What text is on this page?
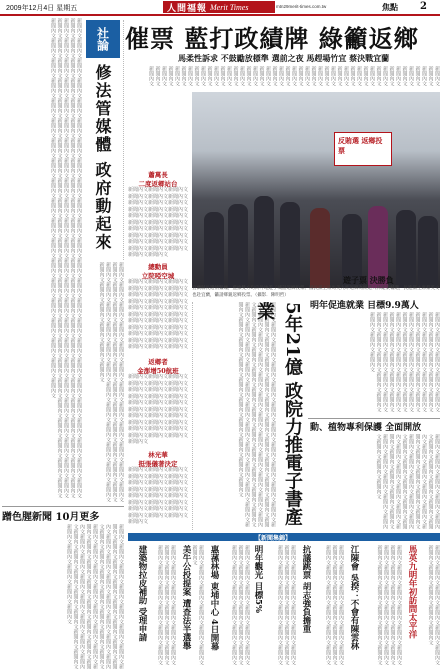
2009年12月4日 星期五	人間福報 Merit Times	mtn29merit-times.com.tw	焦點 2
新聞內文新聞內文新聞內文新聞內文新聞內文新聞內文新聞內文新聞內文新聞內文新聞內文新聞內文新聞內文新聞內文新聞內文新聞內文新聞內文新聞內文新聞內文新聞內文新聞內文新聞內文新聞內文新聞內文新聞內文新聞內文新聞內文新聞內文新聞內文新聞內文新聞內文新聞內文新聞內文新聞內文新聞內文新聞內文新聞內文新聞內文新聞內文新聞內文新聞內文新聞內文新聞內文新聞內文新聞內文新聞內文新聞內文新聞內文新聞內文新聞內文新聞內文新聞內文新聞內文新聞內文新聞內文新聞內文新聞內文新聞內文新聞內文新聞內文新聞內文新聞內文新聞內文新聞內文新聞內文新聞內文新聞內文新聞內文新聞內文新聞內文新聞內文新聞內文新聞內文新聞內文新聞內文新聞內文新聞內文新聞內文新聞內文新聞內文新聞內文新聞內文新聞內文新聞內文新聞內文新聞內文新聞內文新聞內文新聞內文新聞內文新聞內文新聞內文新聞內文新聞內文新聞內文新聞內文新聞內文新聞內文新聞內文新聞內文新聞內文新聞內文新聞內文新聞內文新聞內文新聞內文新聞內文新聞內文新聞內文新聞內文新聞內文新聞內文新聞內文新聞內文新聞內文新聞內文	社論
修法管媒體 政府動起來
新聞內文新聞內文新聞內文新聞內文新聞內文新聞內文新聞內文新聞內文新聞內文新聞內文新聞內文新聞內文新聞內文新聞內文新聞內文新聞內文新聞內文新聞內文新聞內文新聞內文新聞內文新聞內文新聞內文新聞內文新聞內文新聞內文新聞內文新聞內文新聞內文新聞內文新聞內文新聞內文新聞內文新聞內文新聞內文新聞內文新聞內文新聞內文新聞內文新聞內文新聞內文新聞內文
催票 藍打政績牌 綠籲返鄉
馬柔性訴求 不鼓勵放標準 選前之夜 馬趕場竹宜 蔡決戰宜蘭
新聞內文新聞內文新聞內文新聞內文新聞內文新聞內文新聞內文新聞內文新聞內文新聞內文新聞內文新聞內文新聞內文新聞內文新聞內文新聞內文新聞內文新聞內文新聞內文新聞內文新聞內文新聞內文新聞內文新聞內文新聞內文新聞內文新聞內文新聞內文新聞內文新聞內文新聞內文新聞內文新聞內文新聞內文新聞內文新聞內文新聞內文新聞內文新聞內文新聞內文新聞內文新聞內文新聞內文新聞內文新聞內文
蕭萬長
二度返鄉站台
新聞內文新聞內文新聞內文新聞內文新聞內文新聞內文新聞內文新聞內文新聞內文新聞內文新聞內文新聞內文新聞內文新聞內文新聞內文新聞內文新聞內文新聞內文新聞內文新聞內文新聞內文新聞內文新聞內文新聞內文新聞內文新聞內文新聞內文新聞內文新聞內文新聞內文新聞內文新聞內文
總動員
立院啞空城
新聞內文新聞內文新聞內文新聞內文新聞內文新聞內文新聞內文新聞內文新聞內文新聞內文新聞內文新聞內文新聞內文新聞內文新聞內文新聞內文新聞內文新聞內文新聞內文新聞內文新聞內文新聞內文新聞內文新聞內文新聞內文新聞內文新聞內文新聞內文新聞內文新聞內文新聞內文新聞內文新聞內文
返鄉者
金澎增50航班
新聞內文新聞內文新聞內文新聞內文新聞內文新聞內文新聞內文新聞內文新聞內文新聞內文新聞內文新聞內文新聞內文新聞內文新聞內文新聞內文新聞內文新聞內文新聞內文新聞內文新聞內文新聞內文新聞內文新聞內文新聞內文新聞內文新聞內文新聞內文新聞內文新聞內文新聞內文
林光華
挺張儀著決定
新聞內文新聞內文新聞內文新聞內文新聞內文新聞內文新聞內文新聞內文新聞內文新聞內文新聞內文新聞內文新聞內文新聞內文新聞內文新聞內文新聞內文新聞內文新聞內文新聞內文新聞內文新聞內文新聞內文新聞內文新聞內文
反賄選 返鄉投票
遊子票 決勝負
宜蘭縣長選情緊繃，藍綠雙方均向外地遊子喊話返鄉投票。國民黨主席馬英九昨返鄉為候選人林建榮輔選，民進黨主席蔡英文也赴宜蘭，籲請鄉親返鄉投票。（攝影．陳明哲）
新聞內文新聞內文新聞內文新聞內文新聞內文新聞內文新聞內文新聞內文新聞內文新聞內文新聞內文新聞內文新聞內文新聞內文新聞內文新聞內文新聞內文新聞內文新聞內文新聞內文新聞內文新聞內文新聞內文新聞內文新聞內文新聞內文新聞內文新聞內文新聞內文新聞內文新聞內文新聞內文新聞內文新聞內文新聞內文新聞內文新聞內文新聞內文新聞內文新聞內文新聞內文新聞內文新聞內文新聞內文新聞內文新聞內文新聞內文新聞內文新聞內文新聞內文新聞內文新聞內文新聞內文新聞內文新聞內文新聞內文新聞內文新聞內文新聞內文新聞內文新聞內文新聞內文新聞內文新聞內文新聞內文新聞內文	5年21億 政院力推電子書產業	明年促進就業 目標9.9萬人
新聞內文新聞內文新聞內文新聞內文新聞內文新聞內文新聞內文新聞內文新聞內文新聞內文新聞內文新聞內文新聞內文新聞內文新聞內文新聞內文新聞內文新聞內文新聞內文新聞內文新聞內文新聞內文新聞內文新聞內文新聞內文新聞內文新聞內文新聞內文新聞內文新聞內文新聞內文新聞內文新聞內文新聞內文新聞內文新聞內文新聞內文新聞內文新聞內文新聞內文新聞內文新聞內文新聞內文新聞內文新聞內文新聞內文新聞內文新聞內文新聞內文新聞內文新聞內文新聞內文新聞內文
動、植物專利保護 全面開放
新聞內文新聞內文新聞內文新聞內文新聞內文新聞內文新聞內文新聞內文新聞內文新聞內文新聞內文新聞內文新聞內文新聞內文新聞內文新聞內文新聞內文新聞內文新聞內文新聞內文新聞內文新聞內文新聞內文新聞內文新聞內文新聞內文新聞內文新聞內文新聞內文新聞內文新聞內文新聞內文新聞內文新聞內文新聞內文新聞內文新聞內文新聞內文新聞內文新聞內文新聞內文新聞內文新聞內文新聞內文新聞內文新聞內文
蹭色腥新聞 10月更多
新聞內文新聞內文新聞內文新聞內文新聞內文新聞內文新聞內文新聞內文新聞內文新聞內文新聞內文新聞內文新聞內文新聞內文新聞內文新聞內文新聞內文新聞內文新聞內文新聞內文新聞內文新聞內文新聞內文新聞內文新聞內文新聞內文新聞內文新聞內文新聞內文新聞內文新聞內文新聞內文新聞內文新聞內文新聞內文新聞內文新聞內文新聞內文新聞內文新聞內文新聞內文新聞內文新聞內文新聞內文新聞內文新聞內文新聞內文新聞內文新聞內文新聞內文新聞內文新聞內文新聞內文新聞內文新聞內文新聞內文新聞內文新聞內文新聞內文新聞內文新聞內文新聞內文新聞內文	【新聞集錦】
建築物拉皮補助 受理申請	新聞內文新聞內文新聞內文新聞內文新聞內文新聞內文新聞內文新聞內文新聞內文新聞內文新聞內文新聞內文新聞內文新聞內文新聞內文新聞內文新聞內文新聞內文	美牛公投提案 遭查法半選舉	新聞內文新聞內文新聞內文新聞內文新聞內文新聞內文新聞內文	惠蓀林場 東埔中心 4日開幕	新聞內文新聞內文新聞內文新聞內文新聞內文新聞內文新聞內文新聞內文新聞內文新聞內文新聞內文新聞內文新聞內文新聞內文新聞內文新聞內文新聞內文新聞內文	明年觀光 目標5%	新聞內文新聞內文新聞內文新聞內文新聞內文新聞內文新聞內文新聞內文新聞內文新聞內文新聞內文新聞內文新聞內文新聞內文新聞內文新聞內文新聞內文新聞內文	抗議跳票 胡志強負擔重	新聞內文新聞內文新聞內文新聞內文新聞內文新聞內文新聞內文新聞內文新聞內文新聞內文新聞內文新聞內文新聞內文新聞內文新聞內文新聞內文新聞內文新聞內文	江陳會 吳揆：不會有陳雲林	新聞內文新聞內文新聞內文新聞內文新聞內文新聞內文新聞內文新聞內文新聞內文新聞內文新聞內文新聞內文新聞內文新聞內文新聞內文新聞內文新聞內文新聞內文新聞內文新聞內文新聞內文新聞內文新聞內文新聞內文	馬英九明年初訪問太平洋	新聞內文新聞內文新聞內文新聞內文新聞內文新聞內文新聞內文新聞內文新聞內文新聞內文新聞內文
